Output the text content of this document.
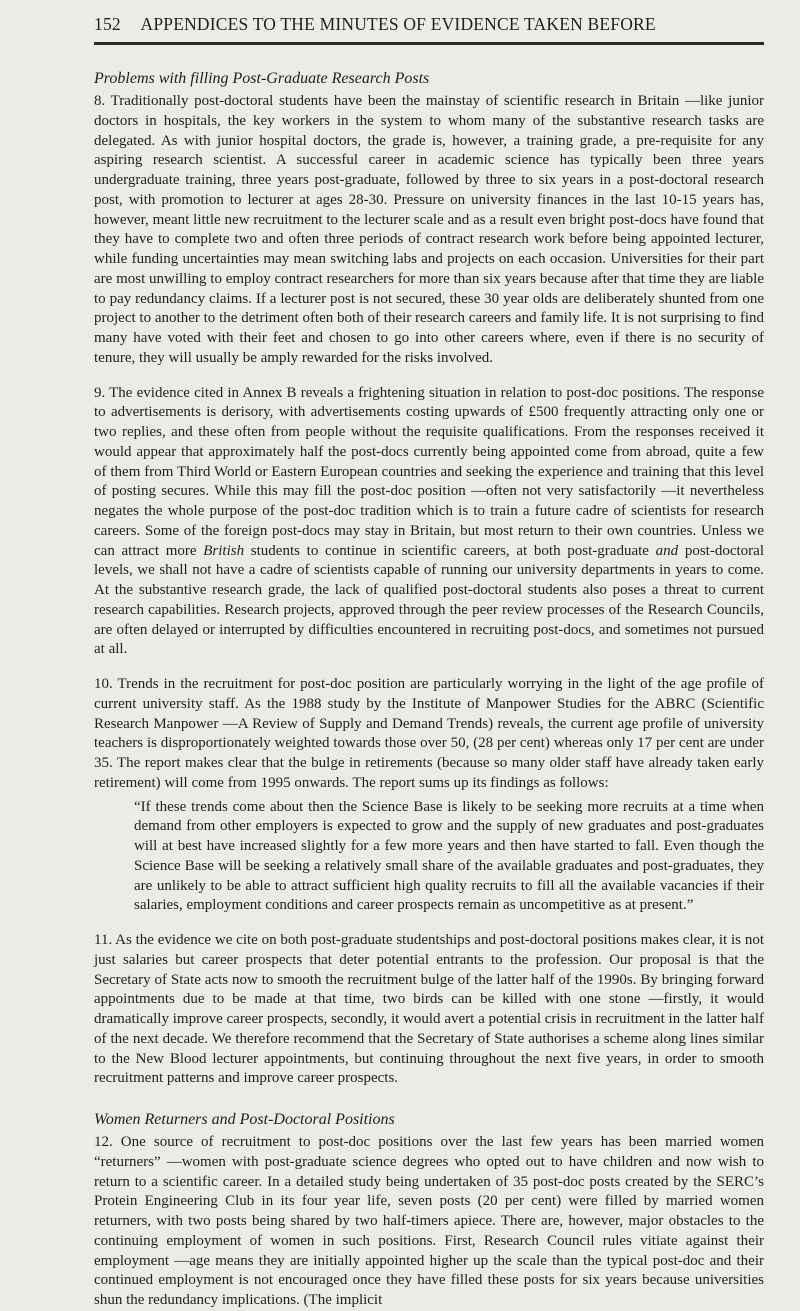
152 APPENDICES TO THE MINUTES OF EVIDENCE TAKEN BEFORE
Problems with filling Post-Graduate Research Posts

8. Traditionally post-doctoral students have been the mainstay of scientific research in Britain —like junior doctors in hospitals, the key workers in the system to whom many of the substantive research tasks are delegated. As with junior hospital doctors, the grade is, however, a training grade, a pre-requisite for any aspiring research scientist. A successful career in academic science has typically been three years undergraduate training, three years post-graduate, followed by three to six years in a post-doctoral research post, with promotion to lecturer at ages 28-30. Pressure on university finances in the last 10-15 years has, however, meant little new recruitment to the lecturer scale and as a result even bright post-docs have found that they have to complete two and often three periods of contract research work before being appointed lecturer, while funding uncertainties may mean switching labs and projects on each occasion. Universities for their part are most unwilling to employ contract researchers for more than six years because after that time they are liable to pay redundancy claims. If a lecturer post is not secured, these 30 year olds are deliberately shunted from one project to another to the detriment often both of their research careers and family life. It is not surprising to find many have voted with their feet and chosen to go into other careers where, even if there is no security of tenure, they will usually be amply rewarded for the risks involved.

9. The evidence cited in Annex B reveals a frightening situation in relation to post-doc positions. The response to advertisements is derisory, with advertisements costing upwards of £500 frequently attracting only one or two replies, and these often from people without the requisite qualifications. From the responses received it would appear that approximately half the post-docs currently being appointed come from abroad, quite a few of them from Third World or Eastern European countries and seeking the experience and training that this level of posting secures. While this may fill the post-doc position —often not very satisfactorily —it nevertheless negates the whole purpose of the post-doc tradition which is to train a future cadre of scientists for research careers. Some of the foreign post-docs may stay in Britain, but most return to their own countries. Unless we can attract more British students to continue in scientific careers, at both post-graduate and post-doctoral levels, we shall not have a cadre of scientists capable of running our university departments in years to come. At the substantive research grade, the lack of qualified post-doctoral students also poses a threat to current research capabilities. Research projects, approved through the peer review processes of the Research Councils, are often delayed or interrupted by difficulties encountered in recruiting post-docs, and sometimes not pursued at all.

10. Trends in the recruitment for post-doc position are particularly worrying in the light of the age profile of current university staff. As the 1988 study by the Institute of Manpower Studies for the ABRC (Scientific Research Manpower —A Review of Supply and Demand Trends) reveals, the current age profile of university teachers is disproportionately weighted towards those over 50, (28 per cent) whereas only 17 per cent are under 35. The report makes clear that the bulge in retirements (because so many older staff have already taken early retirement) will come from 1995 onwards. The report sums up its findings as follows:

“If these trends come about then the Science Base is likely to be seeking more recruits at a time when demand from other employers is expected to grow and the supply of new graduates and post-graduates will at best have increased slightly for a few more years and then have started to fall. Even though the Science Base will be seeking a relatively small share of the available graduates and post-graduates, they are unlikely to be able to attract sufficient high quality recruits to fill all the available vacancies if their salaries, employment conditions and career prospects remain as uncompetitive as at present.”

11. As the evidence we cite on both post-graduate studentships and post-doctoral positions makes clear, it is not just salaries but career prospects that deter potential entrants to the profession. Our proposal is that the Secretary of State acts now to smooth the recruitment bulge of the latter half of the 1990s. By bringing forward appointments due to be made at that time, two birds can be killed with one stone —firstly, it would dramatically improve career prospects, secondly, it would avert a potential crisis in recruitment in the latter half of the next decade. We therefore recommend that the Secretary of State authorises a scheme along lines similar to the New Blood lecturer appointments, but continuing throughout the next five years, in order to smooth recruitment patterns and improve career prospects.

Women Returners and Post-Doctoral Positions

12. One source of recruitment to post-doc positions over the last few years has been married women “returners” —women with post-graduate science degrees who opted out to have children and now wish to return to a scientific career. In a detailed study being undertaken of 35 post-doc posts created by the SERC’s Protein Engineering Club in its four year life, seven posts (20 per cent) were filled by married women returners, with two posts being shared by two half-timers apiece. There are, however, major obstacles to the continuing employment of women in such positions. First, Research Council rules vitiate against their employment —age means they are initially appointed higher up the scale than the typical post-doc and their continued employment is not encouraged once they have filled these posts for six years because universities shun the redundancy implications. (The implicit
